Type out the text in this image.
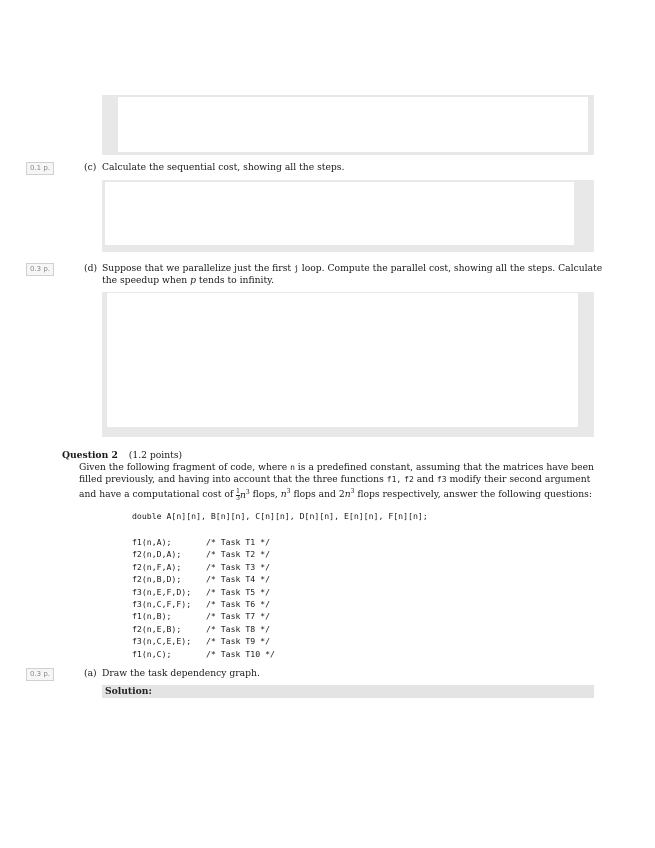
0.1 p.	(c) Calculate the sequential cost, showing all the steps.
0.3 p.	(d) Suppose that we parallelize just the first j loop. Compute the parallel cost, showing all the steps. Calculate
the speedup when p tends to infinity.
Question 2 (1.2 points)
Given the following fragment of code, where n is a predefined constant, assuming that the matrices have been
filled previously, and having into account that the three functions f1, f2 and f3 modify their second argument
and have a computational cost of $\frac{1}{3} n^3$ flops, $n^3$ flops and $2n^3$ flops respectively, answer the following questions:
double A[n][n], B[n][n], C[n][n], D[n][n], E[n][n], F[n][n];
f1(n,A);       /* Task T1 */
f2(n,D,A);     /* Task T2 */
f2(n,F,A);     /* Task T3 */
f2(n,B,D);     /* Task T4 */
f3(n,E,F,D);   /* Task T5 */
f3(n,C,F,F);   /* Task T6 */
f1(n,B);       /* Task T7 */
f2(n,E,B);     /* Task T8 */
f3(n,C,E,E);   /* Task T9 */
f1(n,C);       /* Task T10 */
0.3 p.	(a) Draw the task dependency graph.
Solution:
